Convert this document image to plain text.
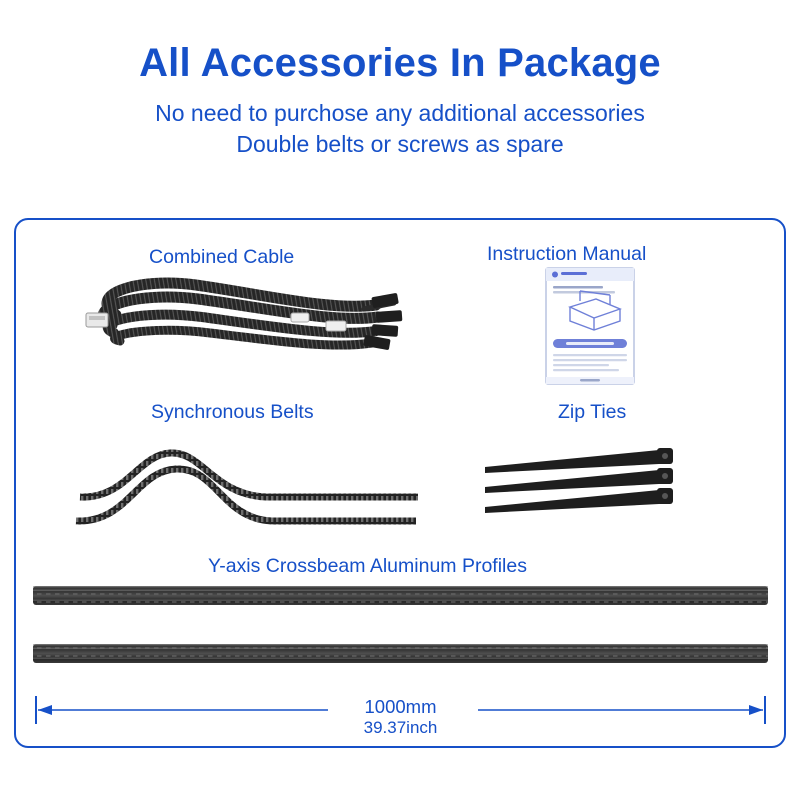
All Accessories In Package

No need to purchose any additional accessories
Double belts or screws as spare

Combined Cable	Instruction Manual
Synchronous Belts	Zip Ties
Y-axis Crossbeam Aluminum Profiles
1000mm
39.37inch
